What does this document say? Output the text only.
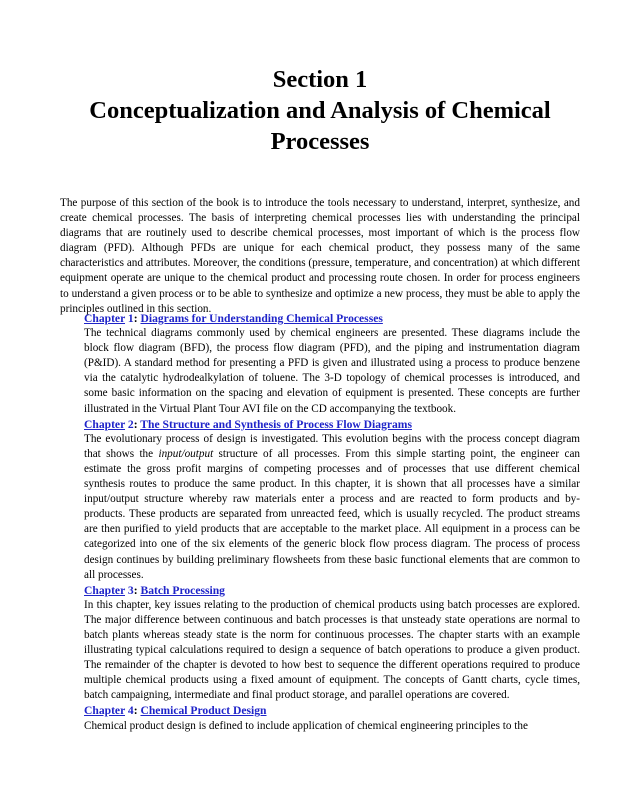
Section 1
Conceptualization and Analysis of Chemical
Processes

The purpose of this section of the book is to introduce the tools necessary to understand, interpret, synthesize, and create chemical processes. The basis of interpreting chemical processes lies with understanding the principal diagrams that are routinely used to describe chemical processes, most important of which is the process flow diagram (PFD). Although PFDs are unique for each chemical product, they possess many of the same characteristics and attributes. Moreover, the conditions (pressure, temperature, and concentration) at which different equipment operate are unique to the chemical product and processing route chosen. In order for process engineers to understand a given process or to be able to synthesize and optimize a new process, they must be able to apply the principles outlined in this section.

Chapter 1: Diagrams for Understanding Chemical Processes

The technical diagrams commonly used by chemical engineers are presented. These diagrams include the block flow diagram (BFD), the process flow diagram (PFD), and the piping and instrumentation diagram (P&ID). A standard method for presenting a PFD is given and illustrated using a process to produce benzene via the catalytic hydrodealkylation of toluene. The 3-D topology of chemical processes is introduced, and some basic information on the spacing and elevation of equipment is presented. These concepts are further illustrated in the Virtual Plant Tour AVI file on the CD accompanying the textbook.

Chapter 2: The Structure and Synthesis of Process Flow Diagrams

The evolutionary process of design is investigated. This evolution begins with the process concept diagram that shows the input/output structure of all processes. From this simple starting point, the engineer can estimate the gross profit margins of competing processes and of processes that use different chemical synthesis routes to produce the same product. In this chapter, it is shown that all processes have a similar input/output structure whereby raw materials enter a process and are reacted to form products and by-products. These products are separated from unreacted feed, which is usually recycled. The product streams are then purified to yield products that are acceptable to the market place. All equipment in a process can be categorized into one of the six elements of the generic block flow process diagram. The process of process design continues by building preliminary flowsheets from these basic functional elements that are common to all processes.

Chapter 3: Batch Processing

In this chapter, key issues relating to the production of chemical products using batch processes are explored. The major difference between continuous and batch processes is that unsteady state operations are normal to batch plants whereas steady state is the norm for continuous processes. The chapter starts with an example illustrating typical calculations required to design a sequence of batch operations to produce a given product. The remainder of the chapter is devoted to how best to sequence the different operations required to produce multiple chemical products using a fixed amount of equipment. The concepts of Gantt charts, cycle times, batch campaigning, intermediate and final product storage, and parallel operations are covered.

Chapter 4: Chemical Product Design

Chemical product design is defined to include application of chemical engineering principles to the
